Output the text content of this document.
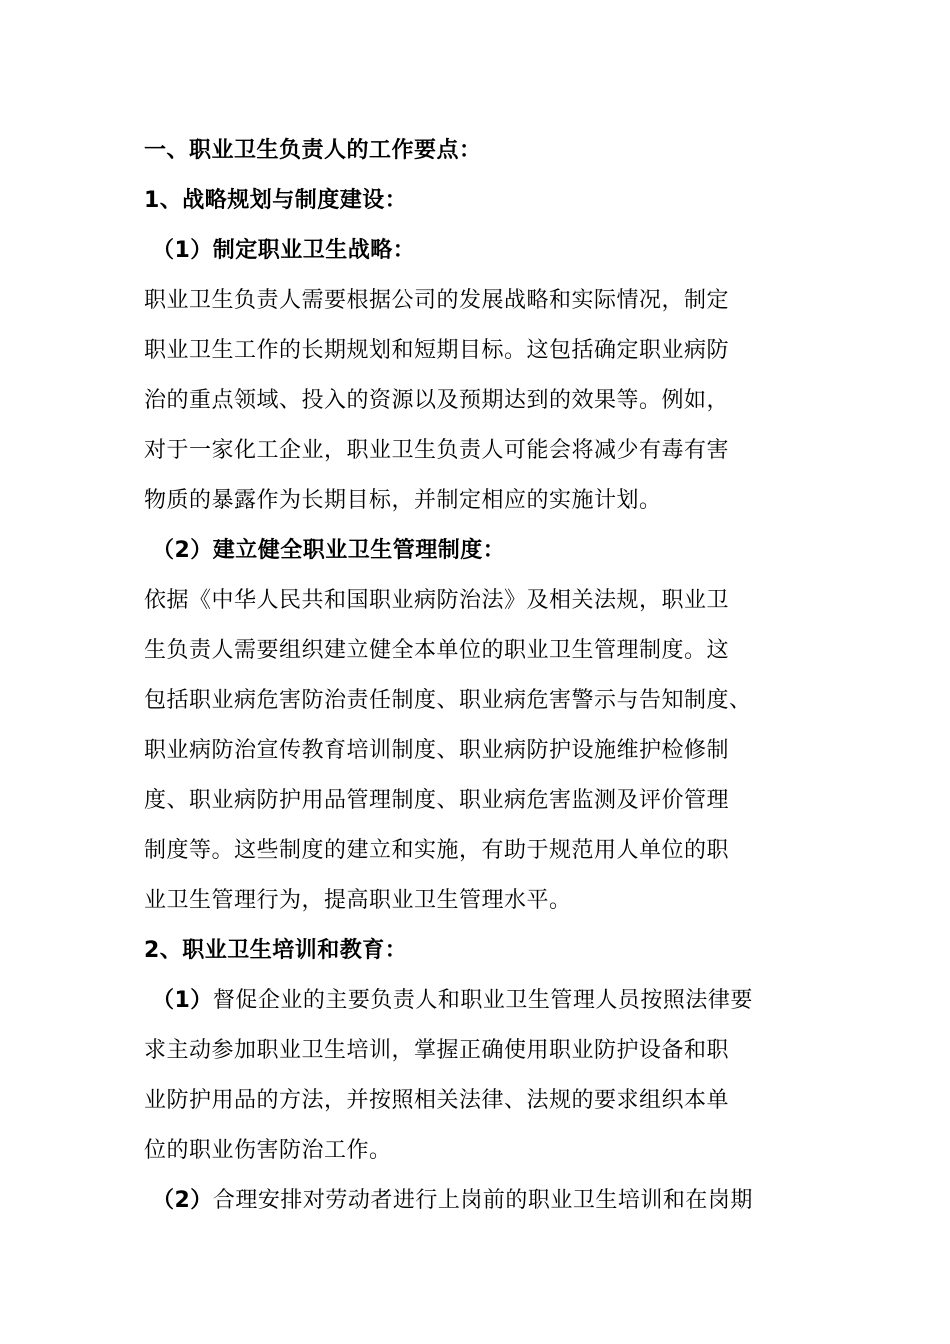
一、职业卫生负责人的工作要点：
1、战略规划与制度建设：
（1）制定职业卫生战略：
职业卫生负责人需要根据公司的发展战略和实际情况，制定
职业卫生工作的长期规划和短期目标。这包括确定职业病防
治的重点领域、投入的资源以及预期达到的效果等。例如，
对于一家化工企业，职业卫生负责人可能会将减少有毒有害
物质的暴露作为长期目标，并制定相应的实施计划。
（2）建立健全职业卫生管理制度：
依据《中华人民共和国职业病防治法》及相关法规，职业卫
生负责人需要组织建立健全本单位的职业卫生管理制度。这
包括职业病危害防治责任制度、职业病危害警示与告知制度、
职业病防治宣传教育培训制度、职业病防护设施维护检修制
度、职业病防护用品管理制度、职业病危害监测及评价管理
制度等。这些制度的建立和实施，有助于规范用人单位的职
业卫生管理行为，提高职业卫生管理水平。
2、职业卫生培训和教育：
（1）督促企业的主要负责人和职业卫生管理人员按照法律要
求主动参加职业卫生培训，掌握正确使用职业防护设备和职
业防护用品的方法，并按照相关法律、法规的要求组织本单
位的职业伤害防治工作。
（2）合理安排对劳动者进行上岗前的职业卫生培训和在岗期
